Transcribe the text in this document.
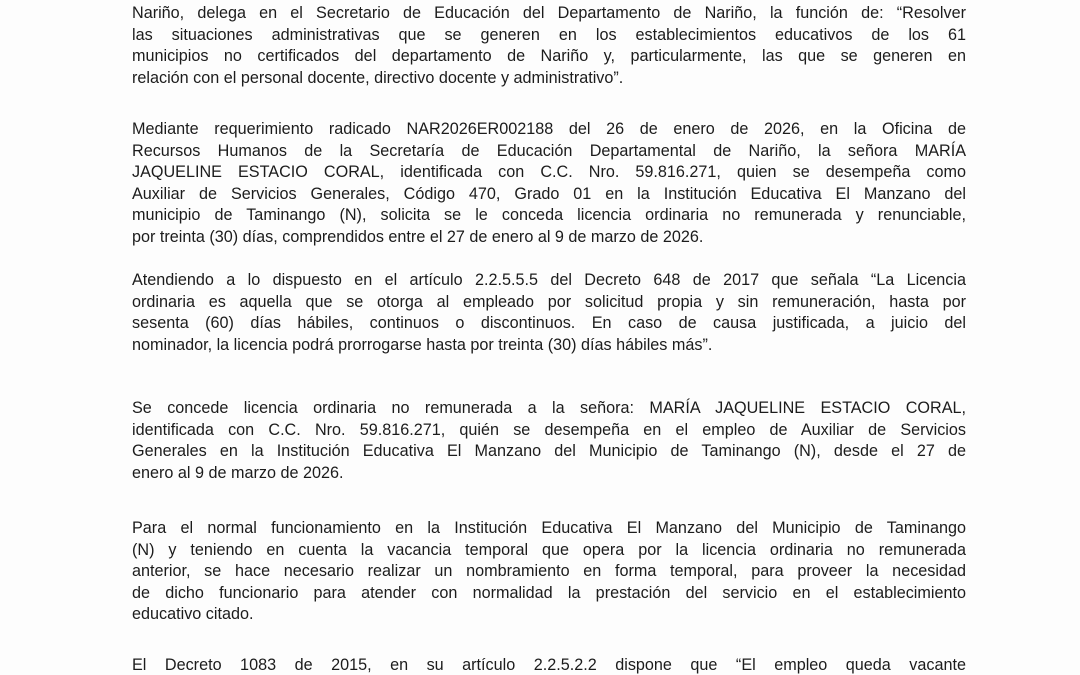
Nariño, delega en el Secretario de Educación del Departamento de Nariño, la función de: “Resolver
las situaciones administrativas que se generen en los establecimientos educativos de los 61
municipios no certificados del departamento de Nariño y, particularmente, las que se generen en
relación con el personal docente, directivo docente y administrativo”.
Mediante requerimiento radicado NAR2026ER002188 del 26 de enero de 2026, en la Oficina de
Recursos Humanos de la Secretaría de Educación Departamental de Nariño, la señora MARÍA
JAQUELINE ESTACIO CORAL, identificada con C.C. Nro. 59.816.271, quien se desempeña como
Auxiliar de Servicios Generales, Código 470, Grado 01 en la Institución Educativa El Manzano del
municipio de Taminango (N), solicita se le conceda licencia ordinaria no remunerada y renunciable,
por treinta (30) días, comprendidos entre el 27 de enero al 9 de marzo de 2026.
Atendiendo a lo dispuesto en el artículo 2.2.5.5.5 del Decreto 648 de 2017 que señala “La Licencia
ordinaria es aquella que se otorga al empleado por solicitud propia y sin remuneración, hasta por
sesenta (60) días hábiles, continuos o discontinuos. En caso de causa justificada, a juicio del
nominador, la licencia podrá prorrogarse hasta por treinta (30) días hábiles más”.
Se concede licencia ordinaria no remunerada a la señora: MARÍA JAQUELINE ESTACIO CORAL,
identificada con C.C. Nro. 59.816.271, quién se desempeña en el empleo de Auxiliar de Servicios
Generales en la Institución Educativa El Manzano del Municipio de Taminango (N), desde el 27 de
enero al 9 de marzo de 2026.
Para el normal funcionamiento en la Institución Educativa El Manzano del Municipio de Taminango
(N) y teniendo en cuenta la vacancia temporal que opera por la licencia ordinaria no remunerada
anterior, se hace necesario realizar un nombramiento en forma temporal, para proveer la necesidad
de dicho funcionario para atender con normalidad la prestación del servicio en el establecimiento
educativo citado.
El Decreto 1083 de 2015, en su artículo 2.2.5.2.2 dispone que “El empleo queda vacante
